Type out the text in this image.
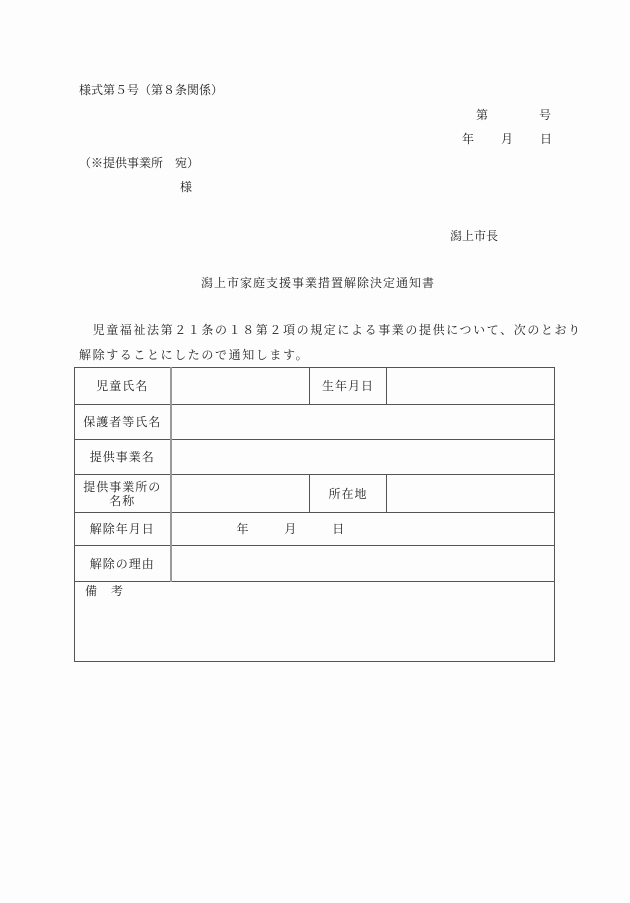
様式第５号（第８条関係）
第	号
年 月 日
（※提供事業所　宛）
様
潟上市長
潟上市家庭支援事業措置解除決定通知書
　児童福祉法第２１条の１８第２項の規定による事業の提供について、次のとおり
解除することにしたので通知します。
児童氏名		生年月日	
保護者等氏名			
提供事業名			

提供事業所の
名称		所在地	
解除年月日	年 月 日		
解除の理由			
備　考			
